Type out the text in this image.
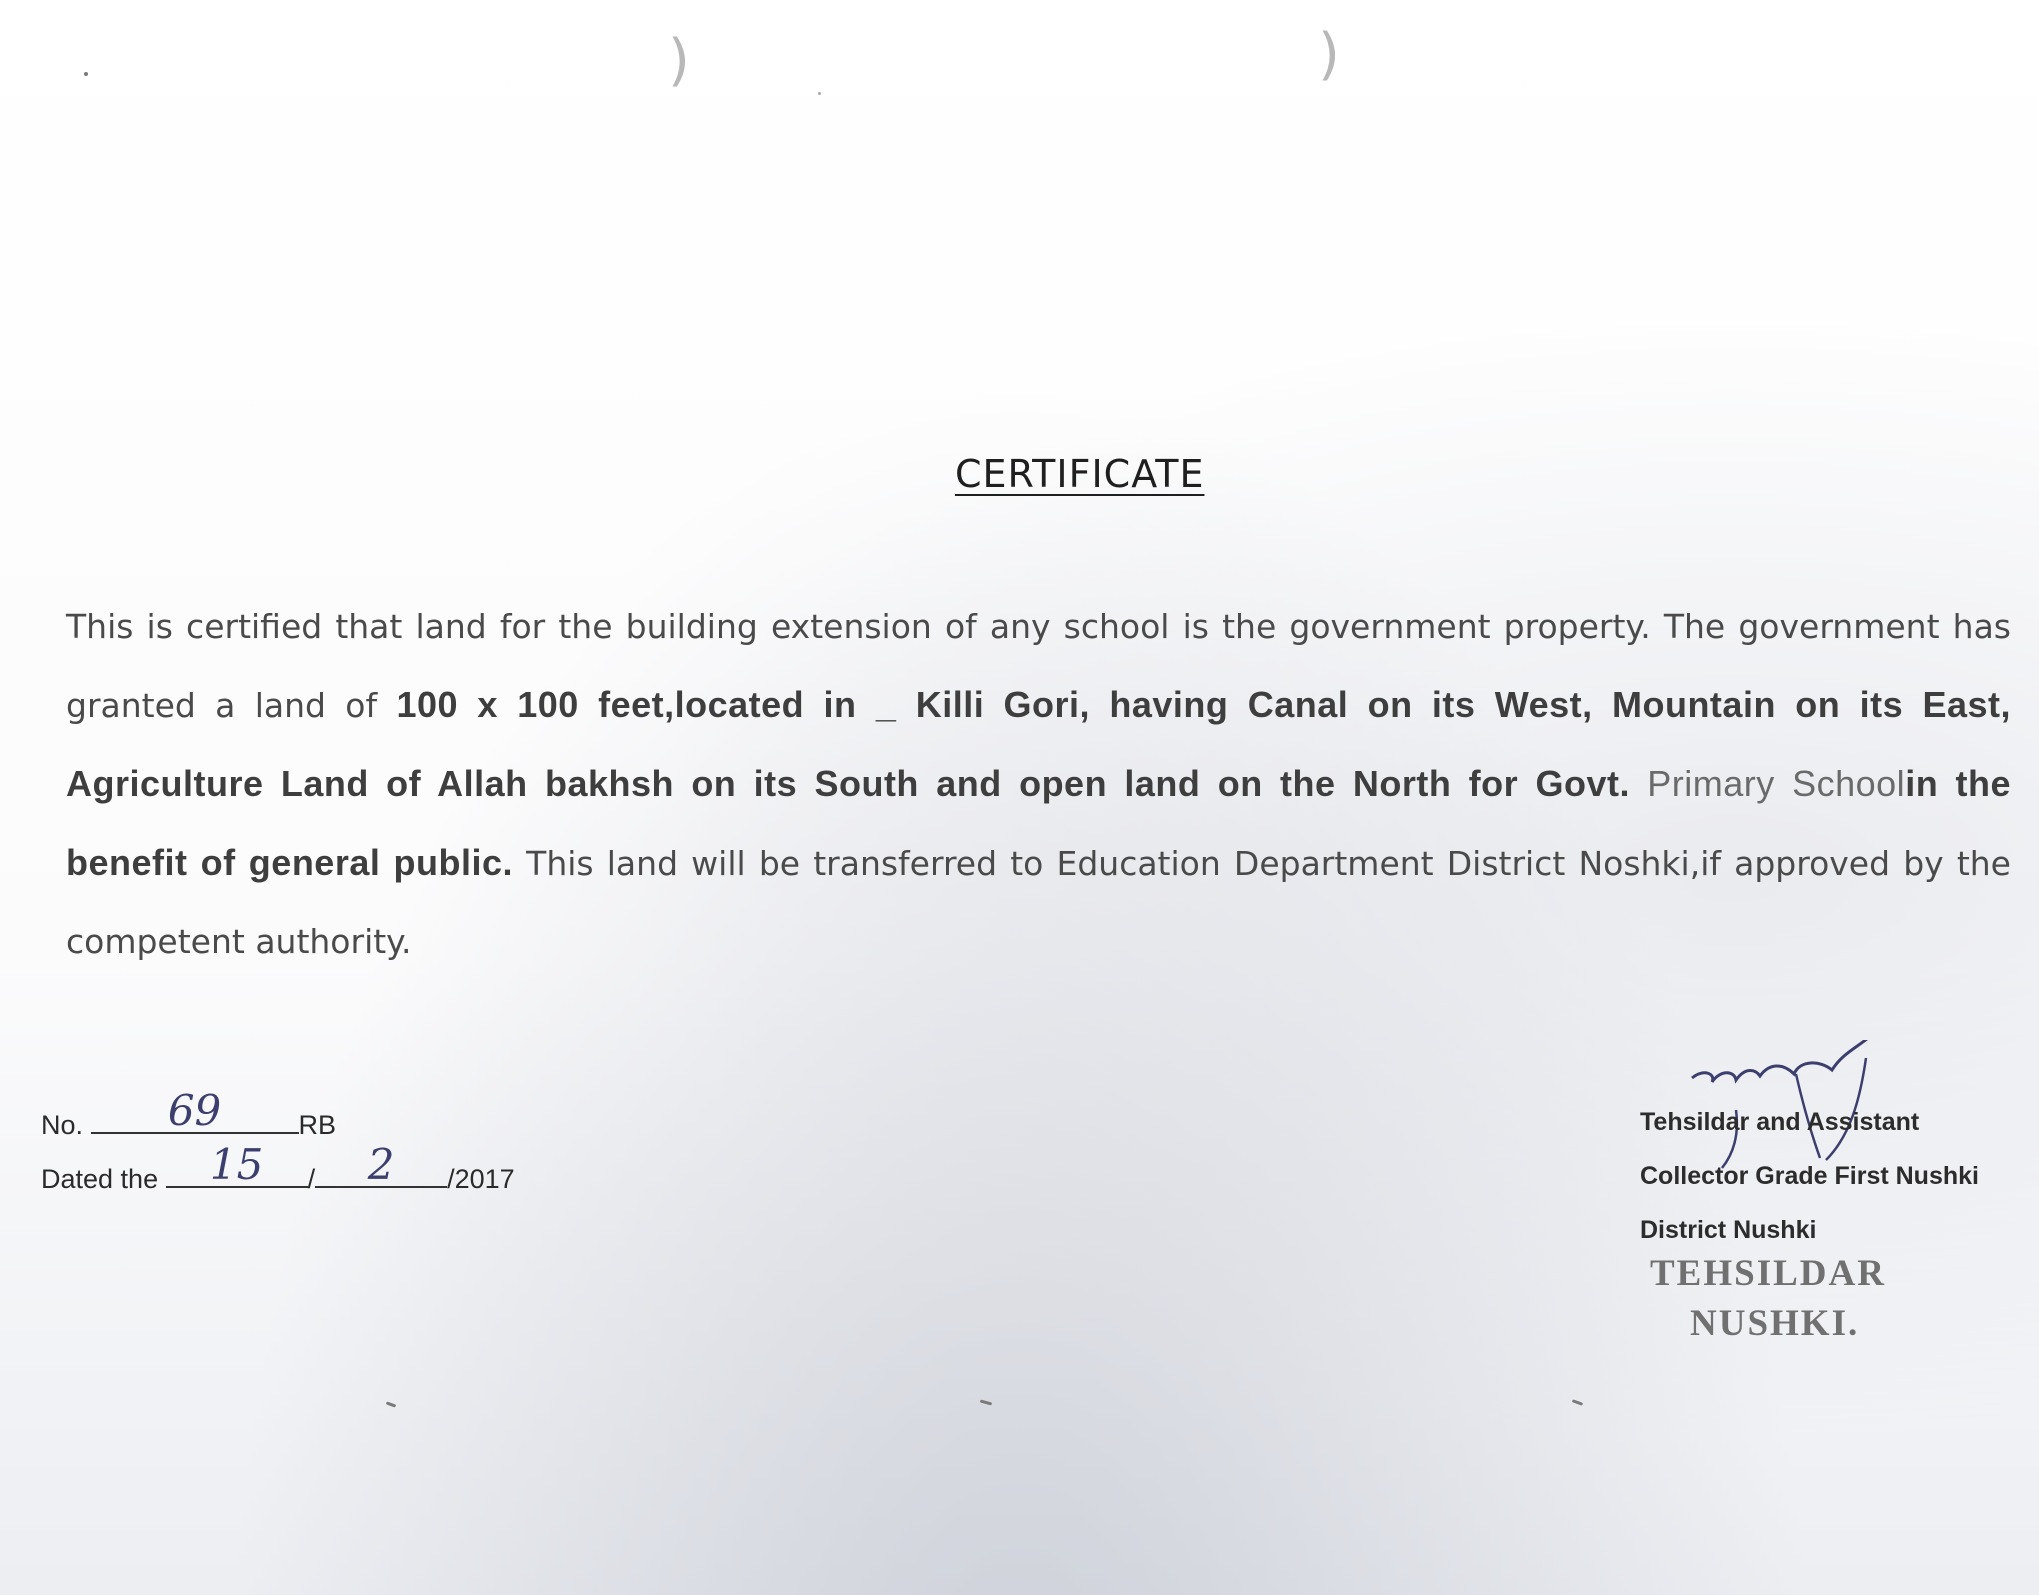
)	)
CERTIFICATE
This is certified that land for the building extension of any school is the government property. The government has granted a land of 100 x 100 feet,located in _ Killi Gori, having Canal on its West, Mountain on its East, Agriculture Land of Allah bakhsh on its South and open land on the North for Govt. Primary Schoolin the benefit of general public. This land will be transferred to Education Department District Noshki,if approved by the competent authority.
No.	69	RB
Dated the	15	/	2	/2017
Tehsildar and Assistant
Collector Grade First Nushki
District Nushki
TEHSILDAR
NUSHKI.
